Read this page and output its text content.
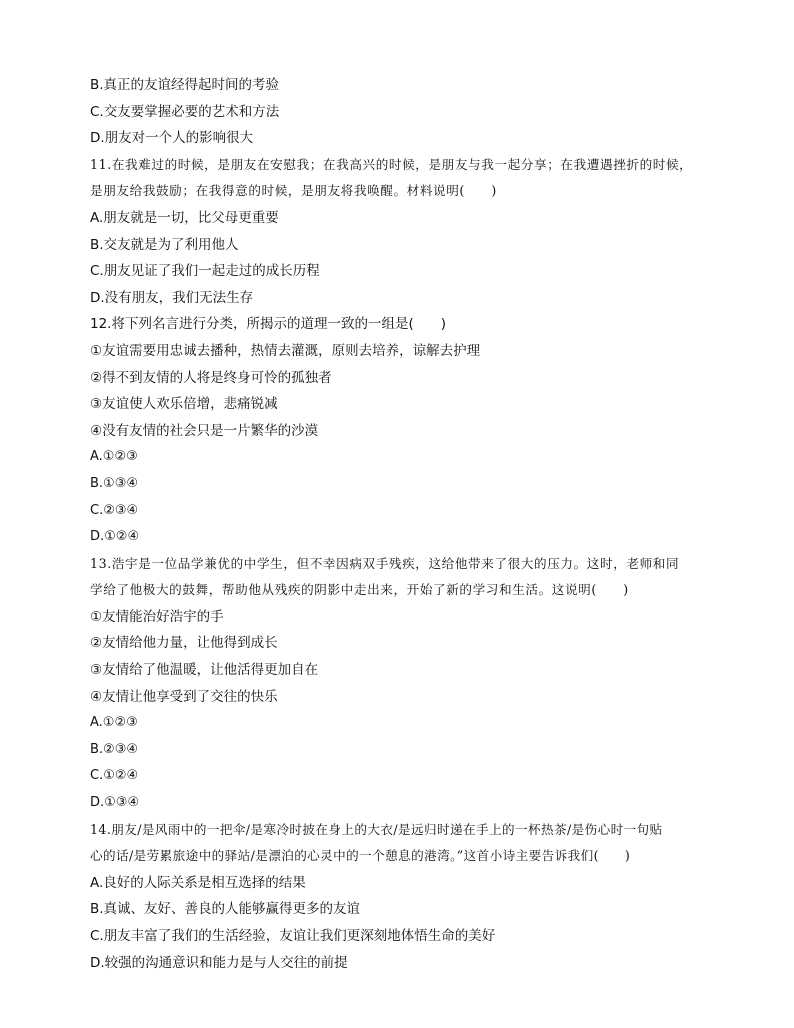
B.真正的友谊经得起时间的考验
C.交友要掌握必要的艺术和方法
D.朋友对一个人的影响很大
11.在我难过的时候，是朋友在安慰我；在我高兴的时候，是朋友与我一起分享；在我遭遇挫折的时候，
是朋友给我鼓励；在我得意的时候，是朋友将我唤醒。材料说明(　　)
A.朋友就是一切，比父母更重要
B.交友就是为了利用他人
C.朋友见证了我们一起走过的成长历程
D.没有朋友，我们无法生存
12.将下列名言进行分类，所揭示的道理一致的一组是(　　)
①友谊需要用忠诚去播种，热情去灌溉，原则去培养，谅解去护理
②得不到友情的人将是终身可怜的孤独者
③友谊使人欢乐倍增，悲痛锐减
④没有友情的社会只是一片繁华的沙漠
A.①②③
B.①③④
C.②③④
D.①②④
13.浩宇是一位品学兼优的中学生，但不幸因病双手残疾，这给他带来了很大的压力。这时，老师和同
学给了他极大的鼓舞，帮助他从残疾的阴影中走出来，开始了新的学习和生活。这说明(　　)
①友情能治好浩宇的手
②友情给他力量，让他得到成长
③友情给了他温暖，让他活得更加自在
④友情让他享受到了交往的快乐
A.①②③
B.②③④
C.①②④
D.①③④
14.朋友/是风雨中的一把伞/是寒冷时披在身上的大衣/是远归时递在手上的一杯热茶/是伤心时一句贴
心的话/是劳累旅途中的驿站/是漂泊的心灵中的一个憩息的港湾。”这首小诗主要告诉我们(　　)
A.良好的人际关系是相互选择的结果
B.真诚、友好、善良的人能够赢得更多的友谊
C.朋友丰富了我们的生活经验，友谊让我们更深刻地体悟生命的美好
D.较强的沟通意识和能力是与人交往的前提
